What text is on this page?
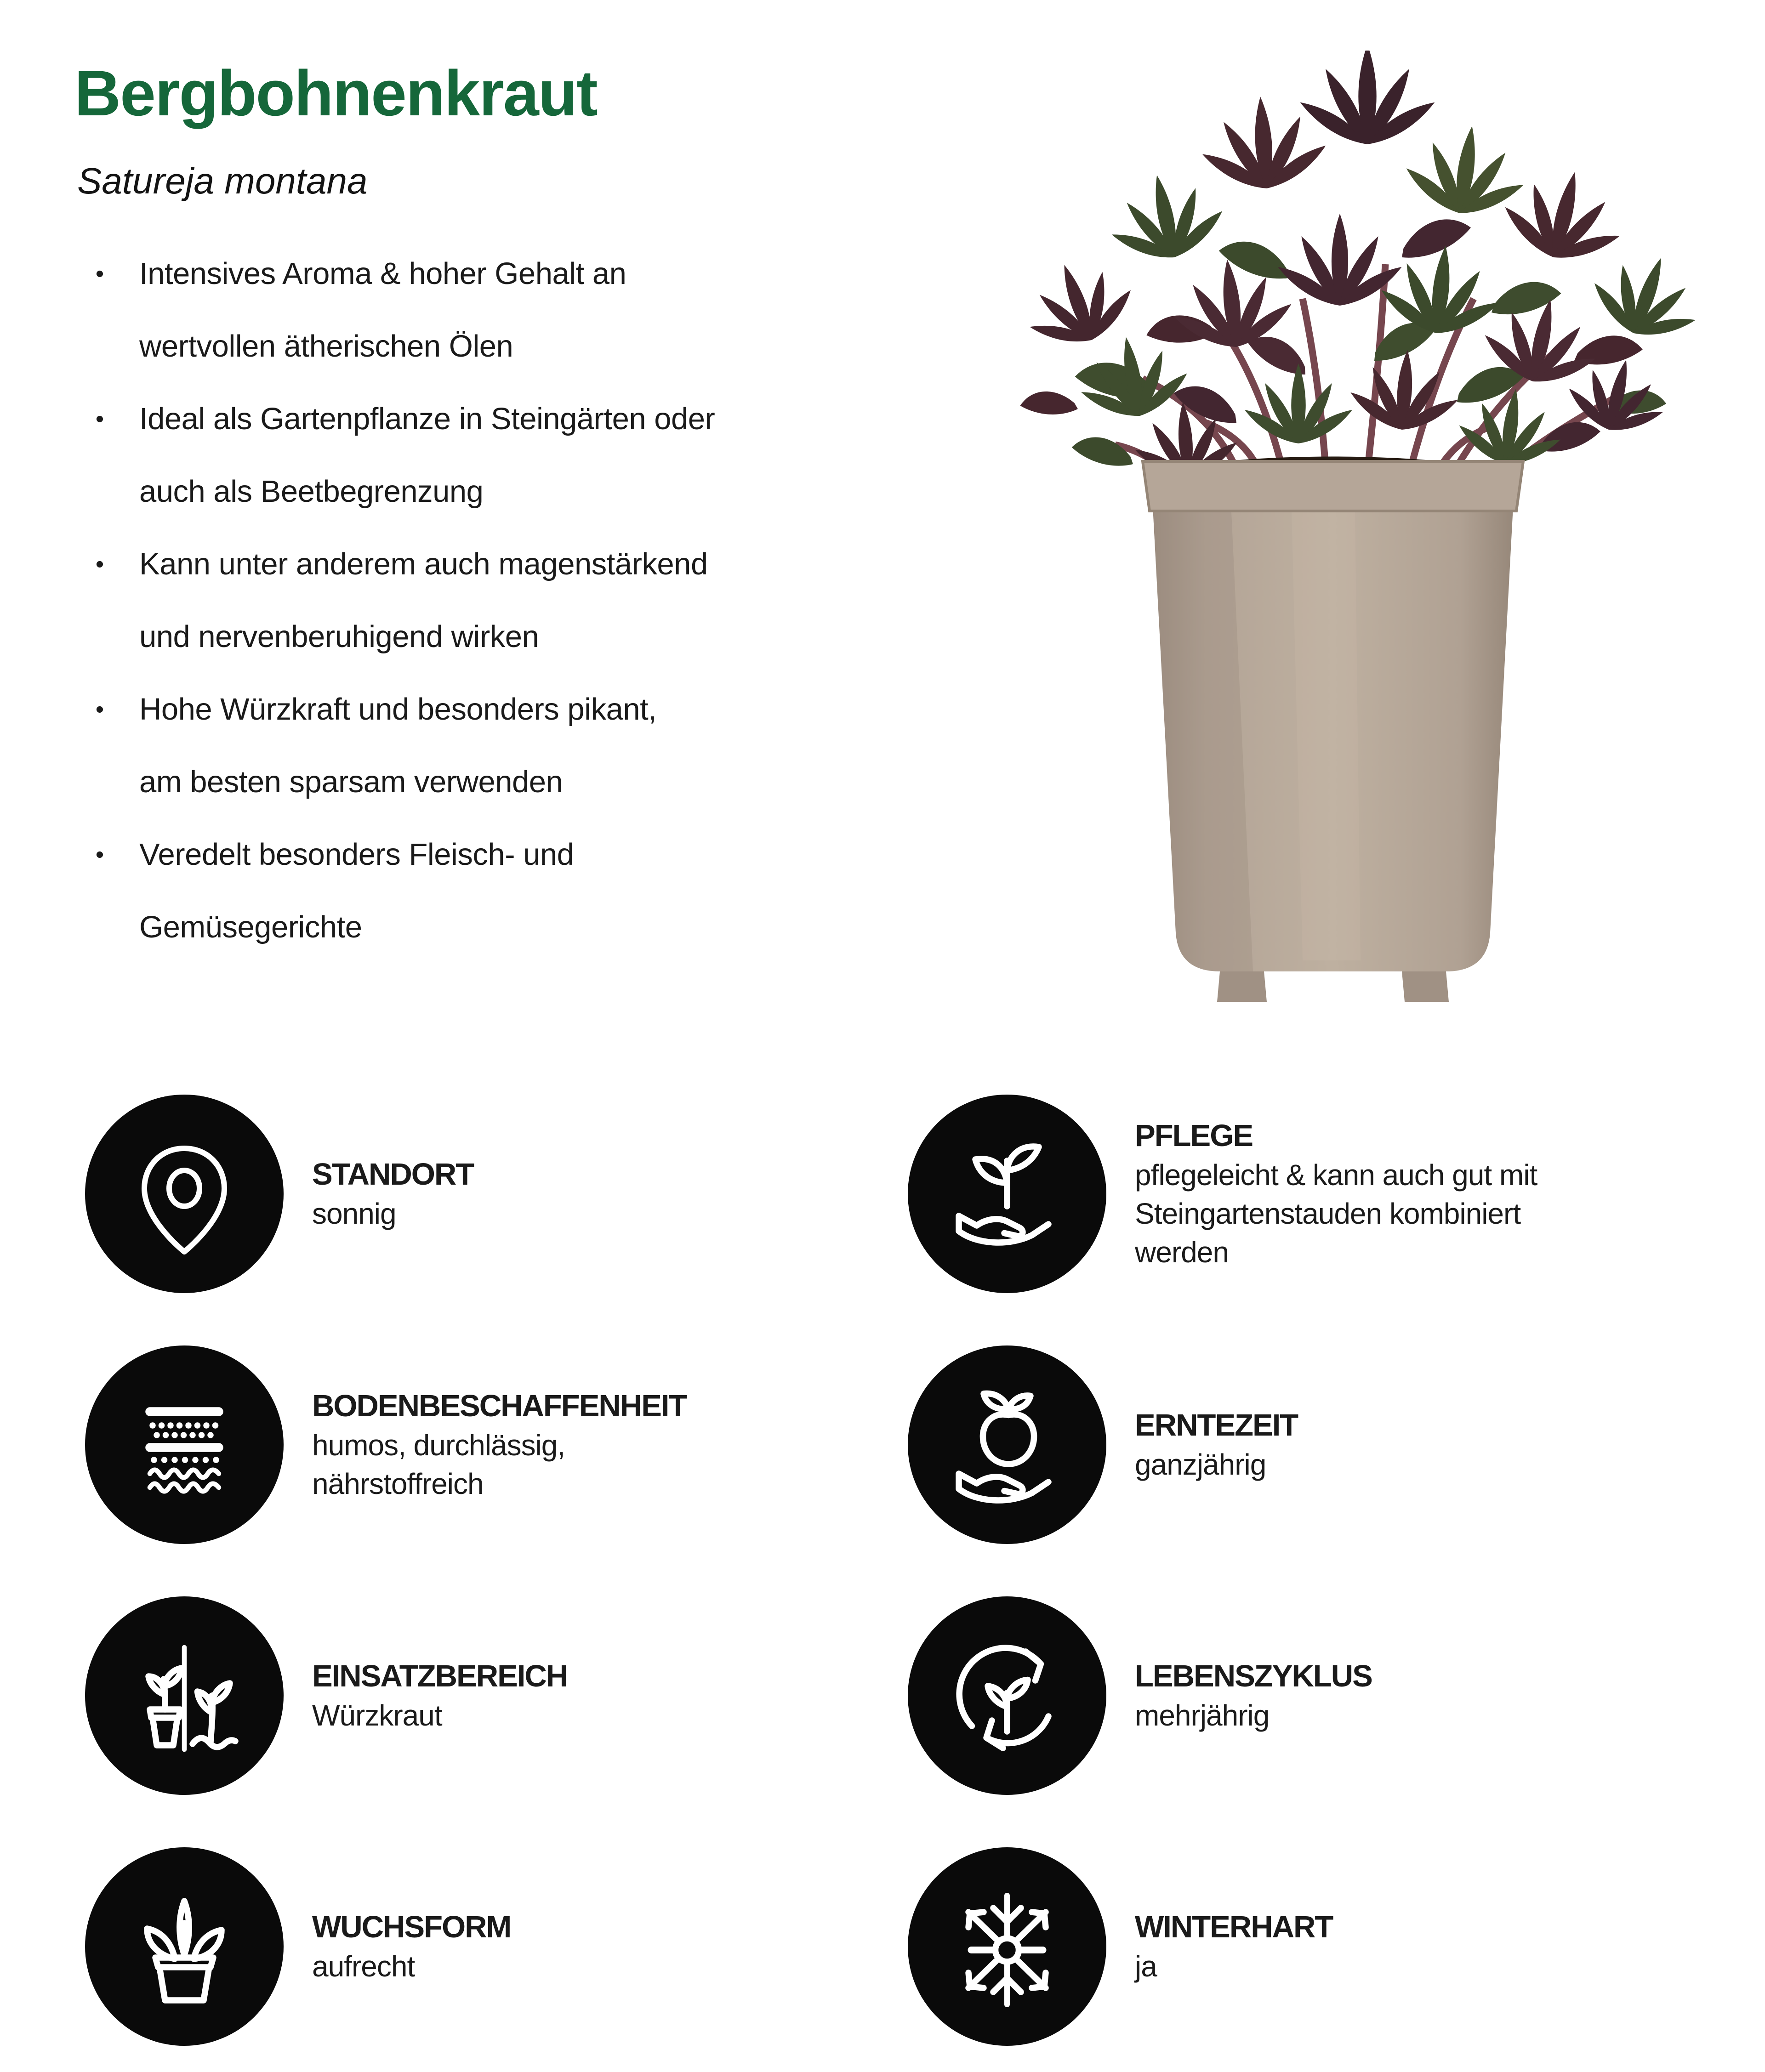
Bergbohnenkraut
Satureja montana
•	Intensives Aroma & hoher Gehalt an
wertvollen ätherischen Ölen
•	Ideal als Gartenpflanze in Steingärten oder
auch als Beetbegrenzung
•	Kann unter anderem auch magenstärkend
und nervenberuhigend wirken
•	Hohe Würzkraft und besonders pikant,
am besten sparsam verwenden
•	Veredelt besonders Fleisch- und
Gemüsegerichte
STANDORT
sonnig
PFLEGE
pflegeleicht & kann auch gut mit
Steingartenstauden kombiniert
werden
BODENBESCHAFFENHEIT
humos, durchlässig,
nährstoffreich
ERNTEZEIT
ganzjährig
EINSATZBEREICH
Würzkraut
LEBENSZYKLUS
mehrjährig
WUCHSFORM
aufrecht
WINTERHART
ja
